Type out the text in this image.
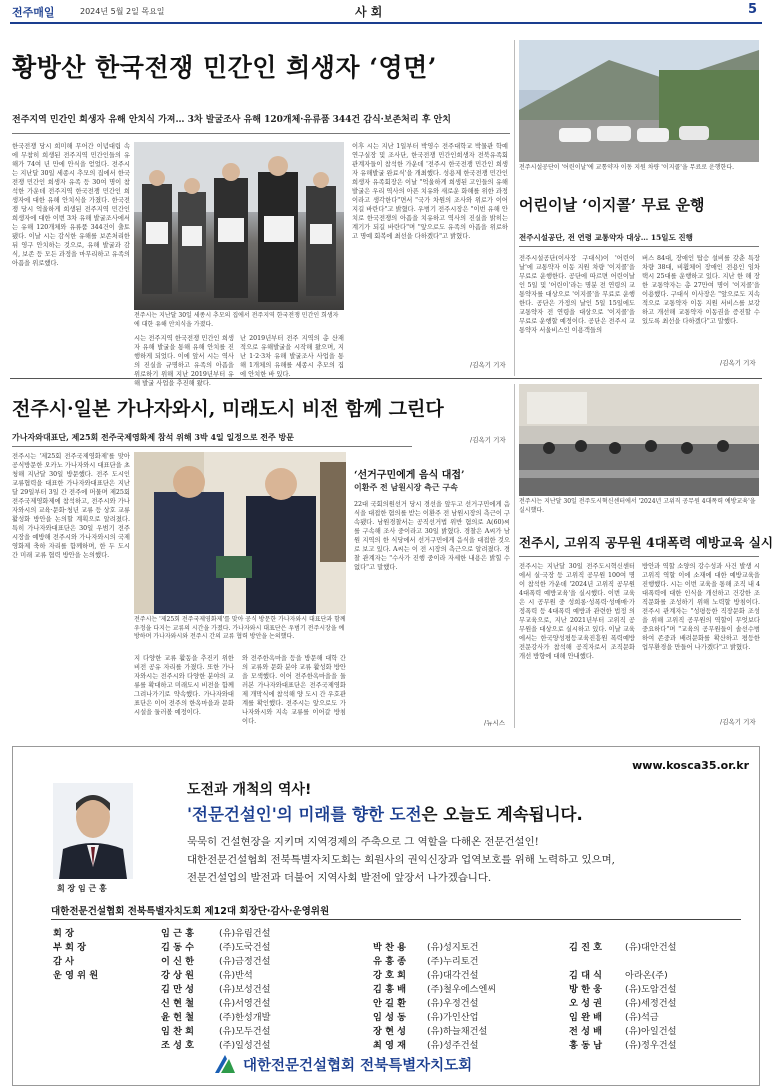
전주매일	2024년 5월 2일 목요일	사 회	5
황방산 한국전쟁 민간인 희생자 ‘영면’
전주지역 민간인 희생자 유해 안치식 가져… 3차 발굴조사 유해 120개체·유류품 344건 감식·보존처리 후 안치
한국전쟁 당시 희미해 무어간 이념대립 속에 무참히 희생된 전주지역 민간인들의 유해가 74여 년 만에 안식을 얻었다. 전주시는 지난달 30일 세종시 추모의 집에서 한국전쟁 민간인 희생자 유족 등 30여 명이 참석한 가운데 전주지역 한국전쟁 민간인 희생자에 대한 유해 안치식을 가졌다. 한국전쟁 당시 억울하게 희생된 전주지역 민간인 희생자에 대한 이번 3차 유해 발굴조사에서는 유해 120개체와 유류품 344건이 출토됐다. 이날 시는 감식한 유해를 보존처리한 뒤 영구 안치하는 것으로, 유해 발굴과 감식, 보존 등 모든 과정을 마무리하고 유족의 아픔을 위로했다.
전주시는 지난달 30일 세종시 추모의 집에서 전주지역 한국전쟁 민간인 희생자에 대한 유해 안치식을 가졌다.
시는 전주지역 한국전쟁 민간인 희생자 유해 발굴을 통해 유해 안치를 진행하게 되었다. 이에 앞서 시는 역사의 진실을 규명하고 유족의 아픔을 위로하기 위해 지난 2019년부터 유해 발굴 사업을 추진해 왔다.
난 2019년부터 전주 지역의 총 산재적으로 유해발굴을 시작해 왔으며, 지난 1·2·3차 유해 발굴조사 사업을 통해 1개체의 유해를 세종시 추모의 집에 안치한 바 있다.
이후 시는 지난 1일부터 박영수 전주대학교 박물관 학예연구실장 및 조사단, 한국전쟁 민간인희생자 전북유족회 관계자들이 참석한 가운데 '전주시 한국전쟁 민간인 희생자 유해발굴 완료식'을 개최했다. 성용제 한국전쟁 민간인 희생자 유족회장은 이날 "억울하게 희생된 고인들의 유해 발굴은 우리 역사의 아픈 치유와 새로운 화해를 위한 과정이라고 생각한다"면서 "국가 차원의 조사와 위로가 이어지길 바란다"고 밝혔다. 우범기 전주시장은 "이번 유해 안치로 한국전쟁의 아픔을 치유하고 역사의 진실을 밝히는 계기가 되길 바란다"며 "앞으로도 유족의 아픔을 위로하고 명예 회복에 최선을 다하겠다"고 밝혔다.
/김옥기 기자
전주시설공단이 '어린이날'에 교통약자 이동 지원 차량 '이지콜'을 무료로 운행한다.
어린이날 ‘이지콜’ 무료 운행
전주시설공단, 전 연령 교통약자 대상… 15일도 진행
전주시설공단(이사장 구대식)이 '어린이날'에 교통약자 이동 지원 차량 '이지콜'을 무료로 운행한다. 공단에 따르면 어린이날인 5일 및 '어린이'라는 명분 전 연령의 교통약자를 대상으로 '이지콜'을 무료로 운행한다. 공단은 가정의 날인 5일 15일에도 교통약자 전 연령을 대상으로 '이지콜'을 무료로 운행할 예정이다. 공단은 전주시 교통약자 서울비스인 이용객들의
버스 84대, 장애인 탑승 설비를 갖춘 특장차량 38대, 비휠체어 장애인 전용인 임차 택시 25대를 운행하고 있다. 지난 한 해 장한 교통약자는 총 27만여 명이 '이지콜'을 이용했다. 구대식 이사장은 "앞으로도 지속적으로 교통약자 이동 지원 서비스를 보강하고 개선해 교통약자 이동권을 증진할 수 있도록 최선을 다하겠다"고 말했다.
/김옥기 기자
전주시·일본 가나자와시, 미래도시 비전 함께 그린다
가나자와대표단, 제25회 전주국제영화제 참석 위해 3박 4일 일정으로 전주 방문
전주시는 '제25회 전주국제영화제'를 맞아 공식방문한 오카노 가나자와시 대표단을 초청해 지난달 30일 방문했다. 전주 도시인 교류협력을 대표한 가나자와대표단은 지난달 29일부터 3일 간 전주에 머물며 제25회 전주국제영화제에 참석하고, 전주시와 가나자와시의 교육·문화·청년 교류 등 상호 교류 활성화 방안을 논의할 계획으로 알려졌다. 특히 가나자와대표단은 30일 우범기 전주시장을 예방해 전주시와 가나자와시의 국제영화제 축하 자리를 함께하며, 한 두 도시 간 미래 교류 협력 방안을 논의했다.
전주시는 '제25회 전주국제영화제'를 맞아 공식 방문한 가나자와시 대표단과 함께 우정을 다지는 교류의 시간을 가졌다. 가나자와시 대표단은 우범기 전주시장을 예방하며 가나자와시와 전주시 간의 교류 협력 방안을 논의했다.
지 다양한 교류 활동을 추진키 위한 비전 공유 자리를 가졌다. 또한 가나자와시는 전주시와 다양한 분야의 교류를 확대하고 미래도시 비전을 함께 그려나가기로 약속했다. 가나자와대표단은 이어 전주의 한옥마을과 문화시설을 둘러볼 예정이다.
와 전주한옥마을 등을 방문해 대학 간의 교류와 문화 분야 교류 활성화 방안을 모색했다. 이어 전주한옥마을을 둘러본 가나자와대표단은 전주국제영화제 개막식에 참석해 양 도시 간 우호관계를 확인했다. 전주시는 앞으로도 가나자와시와 지속 교류를 이어갈 방침이다.
/김옥기 기자
‘선거구민에게 음식 대접’
이환주 전 남원시장 측근 구속
22대 국회의원선거 당시 경선을 앞두고 선거구민에게 음식을 대접한 혐의를 받는 이환주 전 남원시장의 측근이 구속됐다. 남원경찰서는 공직선거법 위반 혐의로 A(60)씨를 구속해 조사 중이라고 30일 밝혔다. 경찰은 A씨가 남원 지역의 한 식당에서 선거구민에게 음식을 대접한 것으로 보고 있다. A씨는 이 전 시장의 측근으로 알려졌다. 경찰 관계자는 "수사가 진행 중이라 자세한 내용은 밝힐 수 없다"고 말했다.
/뉴시스
전주시는 지난달 30일 전주도시혁신센터에서 '2024년 고위직 공무원 4대폭력 예방교육'을 실시했다.
전주시, 고위직 공무원 4대폭력 예방교육 실시
전주시는 지난달 30일 전주도시혁신센터에서 실·국장 등 고위직 공무원 100여 명이 참석한 가운데 '2024년 고위직 공무원 4대폭력 예방교육'을 실시했다. 이번 교육은 시 공무원 중 성희롱·성폭력·성매매·가정폭력 등 4대폭력 예방과 관련한 법정 의무교육으로, 지난 2021년부터 고위직 공무원을 대상으로 실시하고 있다. 이날 교육에서는 한국양성평등교육진흥원 폭력예방 전문강사가 참석해 공직자로서 조직문화 개선 방향에 대해 안내했다.
방안과 역할 소양의 강수성과 사건 발생 시 고위직 역할 이에 소재에 대한 예방교육을 진행했다. 시는 이번 교육을 통해 조직 내 4대폭력에 대한 인식을 개선하고 건강한 조직문화를 조성하기 위해 노력할 방침이다. 전주시 관계자는 "성평등한 직장문화 조성을 위해 고위직 공무원의 역할이 무엇보다 중요하다"며 "교육의 공무원들이 솔선수범하여 존중과 배려문화를 확산하고 평등한 업무환경을 만들어 나가겠다"고 밝혔다.
/김옥기 기자
www.kosca35.or.kr
회 장 임 근 홍
도전과 개척의 역사!
'전문건설인'의 미래를 향한 도전은 오늘도 계속됩니다.
묵묵히 건설현장을 지키며 지역경제의 주축으로 그 역할을 다해온 전문건설인!
대한전문건설협회 전북특별자치도회는 회원사의 권익신장과 업역보호를 위해 노력하고 있으며,
전문건설업의 발전과 더불어 지역사회 발전에 앞장서 나가겠습니다.
대한전문건설협회 전북특별자치도회 제12대 회장단·감사·운영위원
회 장	임 근 홍	(유)유림건설
부 회 장	김 동 수	(주)도국건설	박 찬 용 (유)성지토건	김 진 호 (유)대안건설
감 사	이 신 한	(유)금정건설	유 흥 종 (주)누리토건
운 영 위 원	강 상 원	(유)반석	강 호 희 (유)대각건설	김 대 식 아라온(주)
김 만 성	(유)보성건설	김 홍 배 (주)철우에스엔씨	방 한 웅 (유)도암건설
신 현 철	(유)서영건설	안 길 환 (유)우정건설	오 성 권 (유)세정건설
윤 헌 철	(주)한성개발	임 성 동 (유)가인산업	임 완 배 (유)석금
임 찬 희	(유)모두건설	장 현 성 (유)하늘채건설	전 성 배 (유)아일건설
조 성 호	(주)일성건설	최 영 재 (유)성주건설	홍 동 남 (유)정우건설
대한전문건설협회 전북특별자치도회
